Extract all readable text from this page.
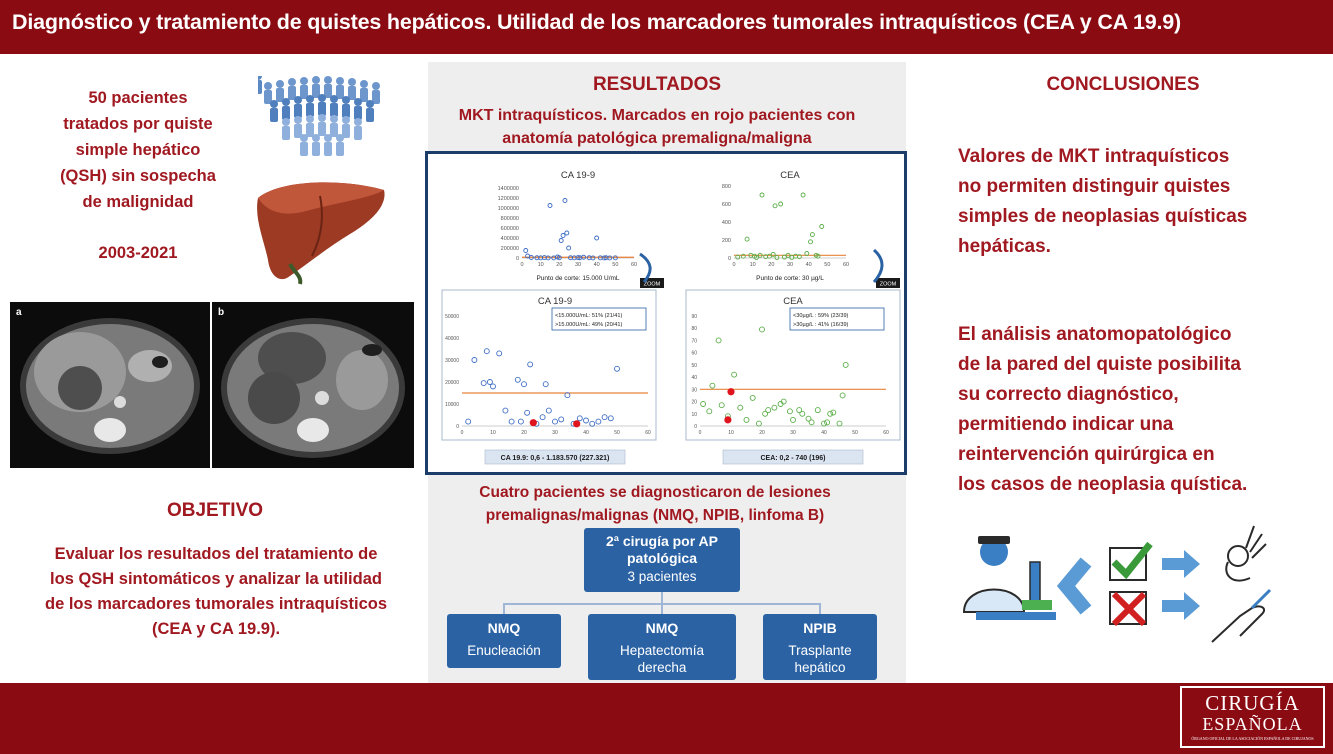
Diagnóstico y tratamiento de quistes hepáticos. Utilidad de los marcadores tumorales intraquísticos (CEA y CA 19.9)
50 pacientes
tratados por quiste
simple hepático
(QSH) sin sospecha
de malignidad
2003-2021
a	b
OBJETIVO
Evaluar los resultados del tratamiento de
los QSH sintomáticos y analizar la utilidad
de los marcadores tumorales intraquísticos
(CEA y CA 19.9).
RESULTADOS
MKT intraquísticos. Marcados en rojo pacientes con
anatomía patológica premaligna/maligna
CA 19-9
1400000
1200000
1000000
800000
600000
400000
200000
0
0	10 20 30 40 50 60
Punto de corte: 15.000 U/mL
CEA
800
600
400
200
0
0	10 20 30 40 50 60
Punto de corte: 30 µg/L
CA 19-9
50000
40000
30000
20000
10000
0
0	10	20	30	40	50	60
<15.000U/mL: 51% (21/41)
>15.000U/mL: 49% (20/41)
CA 19.9: 0,6 - 1.183.570 (227.321)
CEA
90
80
70
60
50
40
30
20
10
0
0	10	20	30	40	50	60
<30µg/L : 59% (23/39)
>30µg/L : 41% (16/39)
CEA: 0,2 - 740 (196)
ZOOM	ZOOM
Cuatro pacientes se diagnosticaron de lesiones
premalignas/malignas (NMQ, NPIB, linfoma B)
2ª cirugía por AP
patológica
3 pacientes
NMQ
Enucleación
NMQ
Hepatectomía
derecha
NPIB
Trasplante
hepático
CONCLUSIONES
Valores de MKT intraquísticos
no permiten distinguir quistes
simples de neoplasias quísticas
hepáticas.
El análisis anatomopatológico
de la pared del quiste posibilita
su correcto diagnóstico,
permitiendo indicar una
reintervención quirúrgica en
los casos de neoplasia quística.
CIRUGÍA
ESPAÑOLA
ÓRGANO OFICIAL DE LA ASOCIACIÓN ESPAÑOLA DE CIRUJANOS
